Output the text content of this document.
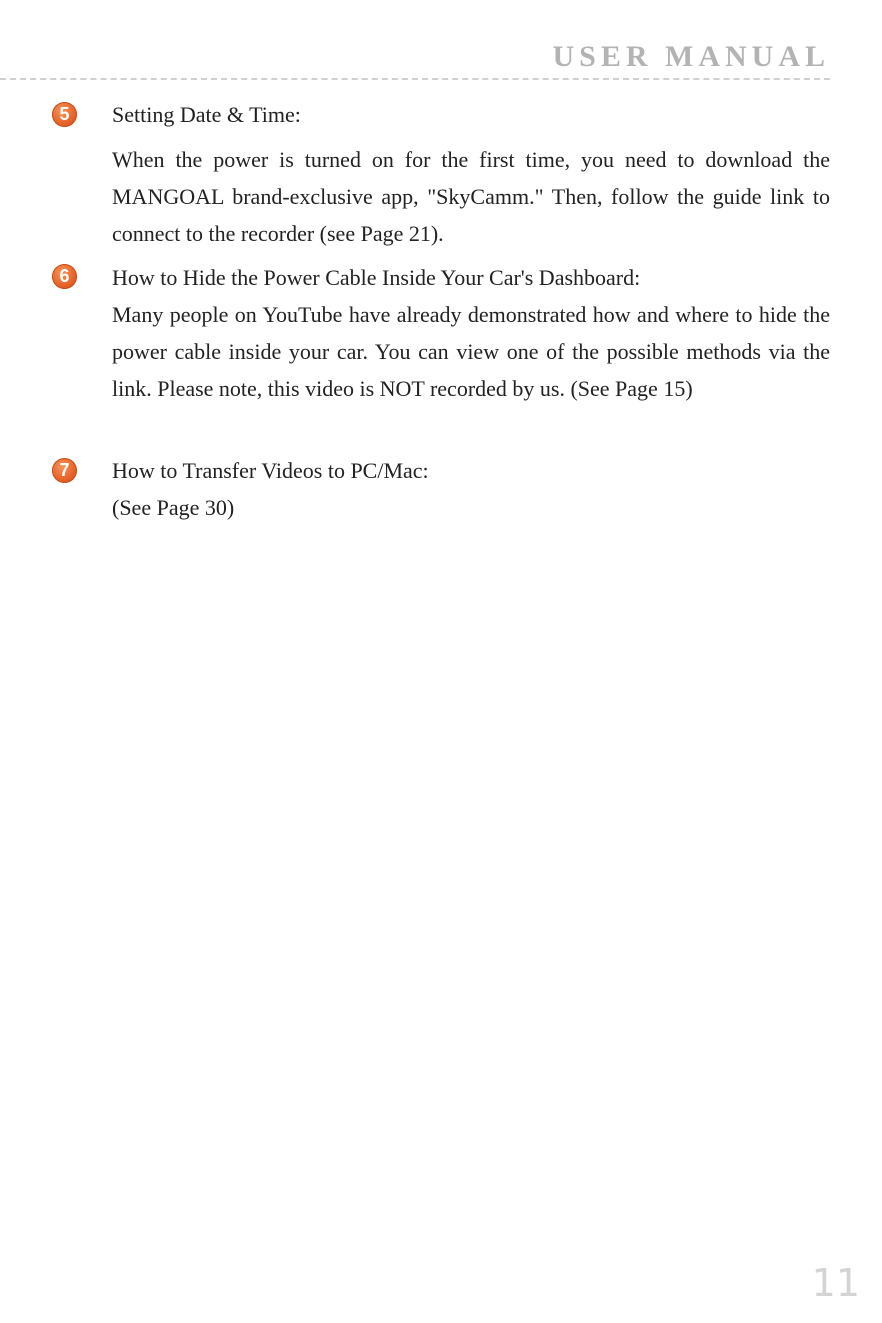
USER MANUAL
5	Setting Date & Time:

When the power is turned on for the first time, you need to download the MANGOAL brand-exclusive app, "SkyCamm." Then, follow the guide link to connect to the recorder (see Page 21).

6	How to Hide the Power Cable Inside Your Car's Dashboard:

Many people on YouTube have already demonstrated how and where to hide the power cable inside your car. You can view one of the possible methods via the link. Please note, this video is NOT recorded by us. (See Page 15)

7	How to Transfer Videos to PC/Mac:

(See Page 30)

11
